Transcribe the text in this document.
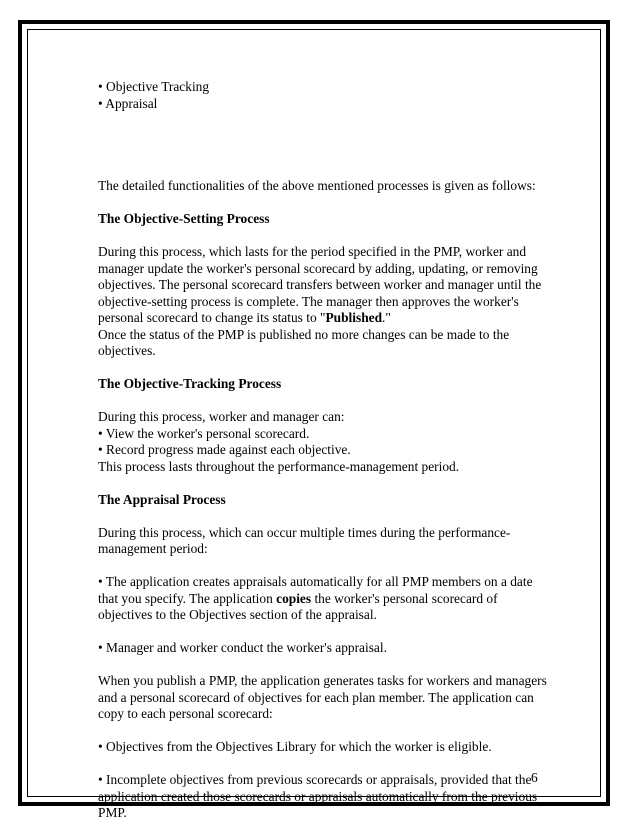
• Objective Tracking

• Appraisal

The detailed functionalities of the above mentioned processes is given as follows:

The Objective-Setting Process

During this process, which lasts for the period specified in the PMP, worker and manager update the worker's personal scorecard by adding, updating, or removing objectives. The personal scorecard transfers between worker and manager until the objective-setting process is complete. The manager then approves the worker's personal scorecard to change its status to "Published."

Once the status of the PMP is published no more changes can be made to the objectives.

The Objective-Tracking Process

During this process, worker and manager can:

• View the worker's personal scorecard.

• Record progress made against each objective.

This process lasts throughout the performance-management period.

The Appraisal Process

During this process, which can occur multiple times during the performance-management period:

• The application creates appraisals automatically for all PMP members on a date that you specify. The application copies the worker's personal scorecard of objectives to the Objectives section of the appraisal.

• Manager and worker conduct the worker's appraisal.

When you publish a PMP, the application generates tasks for workers and managers and a personal scorecard of objectives for each plan member. The application can copy to each personal scorecard:

• Objectives from the Objectives Library for which the worker is eligible.

• Incomplete objectives from previous scorecards or appraisals, provided that the application created those scorecards or appraisals automatically from the previous PMP.

6
